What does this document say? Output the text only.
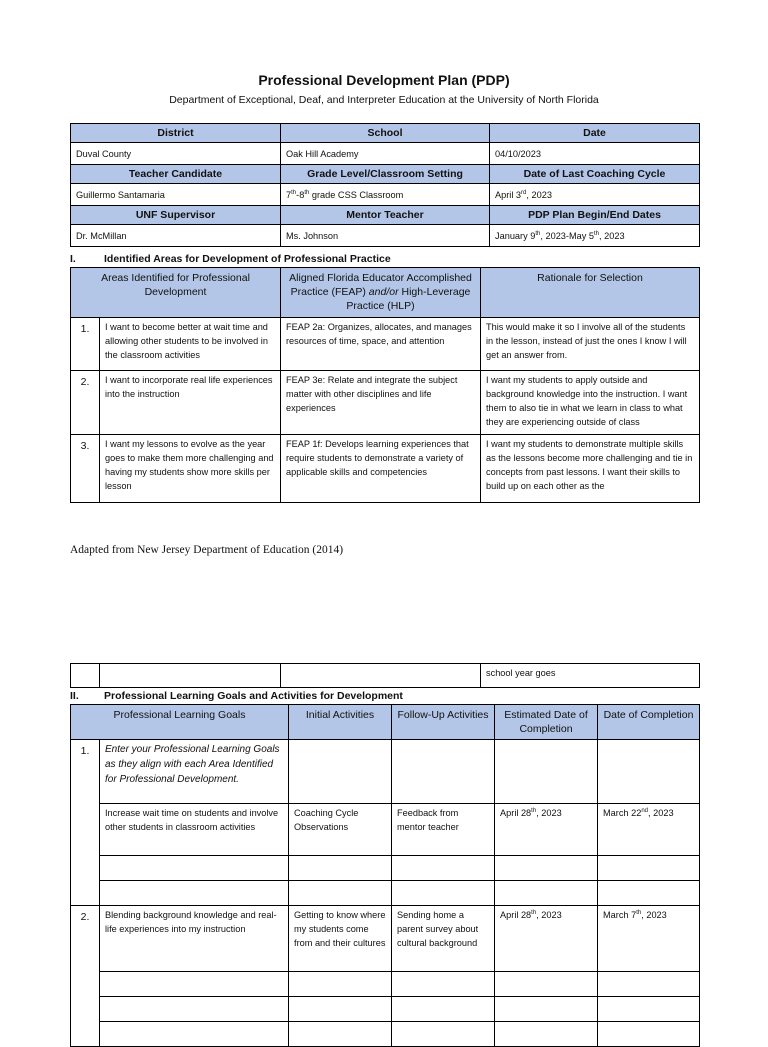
Professional Development Plan (PDP)
Department of Exceptional, Deaf, and Interpreter Education at the University of North Florida
District	School	Date
Duval County	Oak Hill Academy	04/10/2023
Teacher Candidate	Grade Level/Classroom Setting	Date of Last Coaching Cycle
Guillermo Santamaria	7th-8th grade CSS Classroom	April 3rd, 2023
UNF Supervisor	Mentor Teacher	PDP Plan Begin/End Dates
Dr. McMillan	Ms. Johnson	January 9th, 2023-May 5th, 2023
I.	Identified Areas for Development of Professional Practice
Areas Identified for Professional Development		Aligned Florida Educator Accomplished Practice (FEAP) and/or High-Leverage Practice (HLP)	Rationale for Selection
1.	I want to become better at wait time and allowing other students to be involved in the classroom activities	FEAP 2a: Organizes, allocates, and manages resources of time, space, and attention	This would make it so I involve all of the students in the lesson, instead of just the ones I know I will get an answer from.
2.	I want to incorporate real life experiences into the instruction	FEAP 3e: Relate and integrate the subject matter with other disciplines and life experiences	I want my students to apply outside and background knowledge into the instruction. I want them to also tie in what we learn in class to what they are experiencing outside of class
3.	I want my lessons to evolve as the year goes to make them more challenging and having my students show more skills per lesson	FEAP 1f: Develops learning experiences that require students to demonstrate a variety of applicable skills and competencies	I want my students to demonstrate multiple skills as the lessons become more challenging and tie in concepts from past lessons. I want their skills to build up on each other as the
Adapted from New Jersey Department of Education (2014)
			school year goes
II. Professional Learning Goals and Activities for Development
Professional Learning Goals		Initial Activities	Follow-Up Activities	Estimated Date of Completion	Date of Completion
1.	Enter your Professional Learning Goals as they align with each Area Identified for Professional Development.				
	Increase wait time on students and involve other students in classroom activities	Coaching Cycle Observations	Feedback from mentor teacher	April 28th, 2023	March 22nd, 2023

2.	Blending background knowledge and real-life experiences into my instruction	Getting to know where my students come from and their cultures	Sending home a parent survey about cultural background	April 28th, 2023	March 7th, 2023
